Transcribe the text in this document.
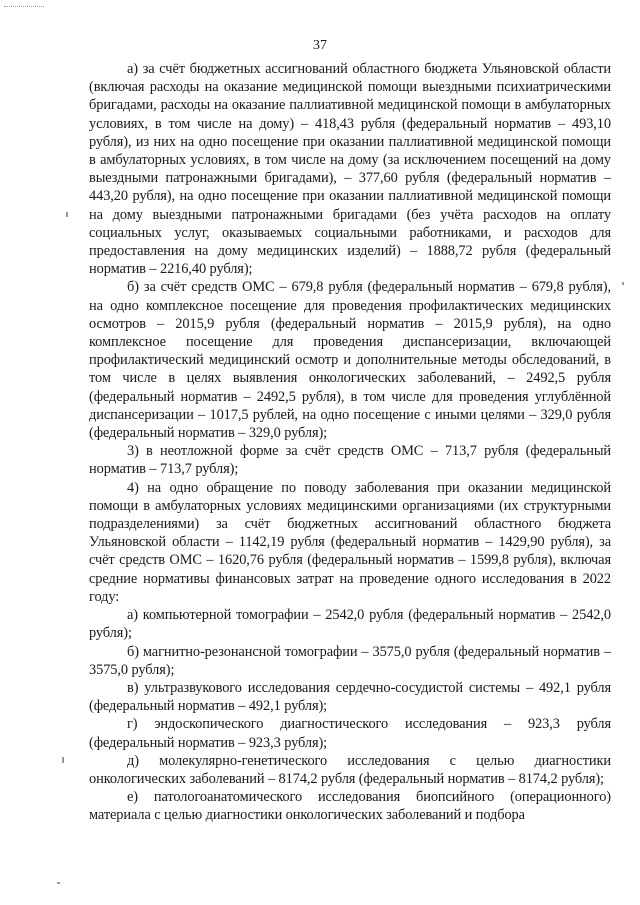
37

а) за счёт бюджетных ассигнований областного бюджета Ульяновской области (включая расходы на оказание медицинской помощи выездными психиатрическими бригадами, расходы на оказание паллиативной медицинской помощи в амбулаторных условиях, в том числе на дому) – 418,43 рубля (федеральный норматив – 493,10 рубля), из них на одно посещение при оказании паллиативной медицинской помощи в амбулаторных условиях, в том числе на дому (за исключением посещений на дому выездными патронажными бригадами), – 377,60 рубля (федеральный норматив – 443,20 рубля), на одно посещение при оказании паллиативной медицинской помощи на дому выездными патронажными бригадами (без учёта расходов на оплату социальных услуг, оказываемых социальными работниками, и расходов для предоставления на дому медицинских изделий) – 1888,72 рубля (федеральный норматив – 2216,40 рубля);

б) за счёт средств ОМС – 679,8 рубля (федеральный норматив – 679,8 рубля), на одно комплексное посещение для проведения профилактических медицинских осмотров – 2015,9 рубля (федеральный норматив – 2015,9 рубля), на одно комплексное посещение для проведения диспансеризации, включающей профилактический медицинский осмотр и дополнительные методы обследований, в том числе в целях выявления онкологических заболеваний, – 2492,5 рубля (федеральный норматив – 2492,5 рубля), в том числе для проведения углублённой диспансеризации – 1017,5 рублей, на одно посещение с иными целями – 329,0 рубля (федеральный норматив – 329,0 рубля);

3) в неотложной форме за счёт средств ОМС – 713,7 рубля (федеральный норматив – 713,7 рубля);

4) на одно обращение по поводу заболевания при оказании медицинской помощи в амбулаторных условиях медицинскими организациями (их структурными подразделениями) за счёт бюджетных ассигнований областного бюджета Ульяновской области – 1142,19 рубля (федеральный норматив – 1429,90 рубля), за счёт средств ОМС – 1620,76 рубля (федеральный норматив – 1599,8 рубля), включая средние нормативы финансовых затрат на проведение одного исследования в 2022 году:

а) компьютерной томографии – 2542,0 рубля (федеральный норматив – 2542,0 рубля);

б) магнитно-резонансной томографии – 3575,0 рубля (федеральный норматив – 3575,0 рубля);

в) ультразвукового исследования сердечно-сосудистой системы – 492,1 рубля (федеральный норматив – 492,1 рубля);

г) эндоскопического диагностического исследования – 923,3 рубля (федеральный норматив – 923,3 рубля);

д) молекулярно-генетического исследования с целью диагностики онкологических заболеваний – 8174,2 рубля (федеральный норматив – 8174,2 рубля);

е) патологоанатомического исследования биопсийного (операционного) материала с целью диагностики онкологических заболеваний и подбора
